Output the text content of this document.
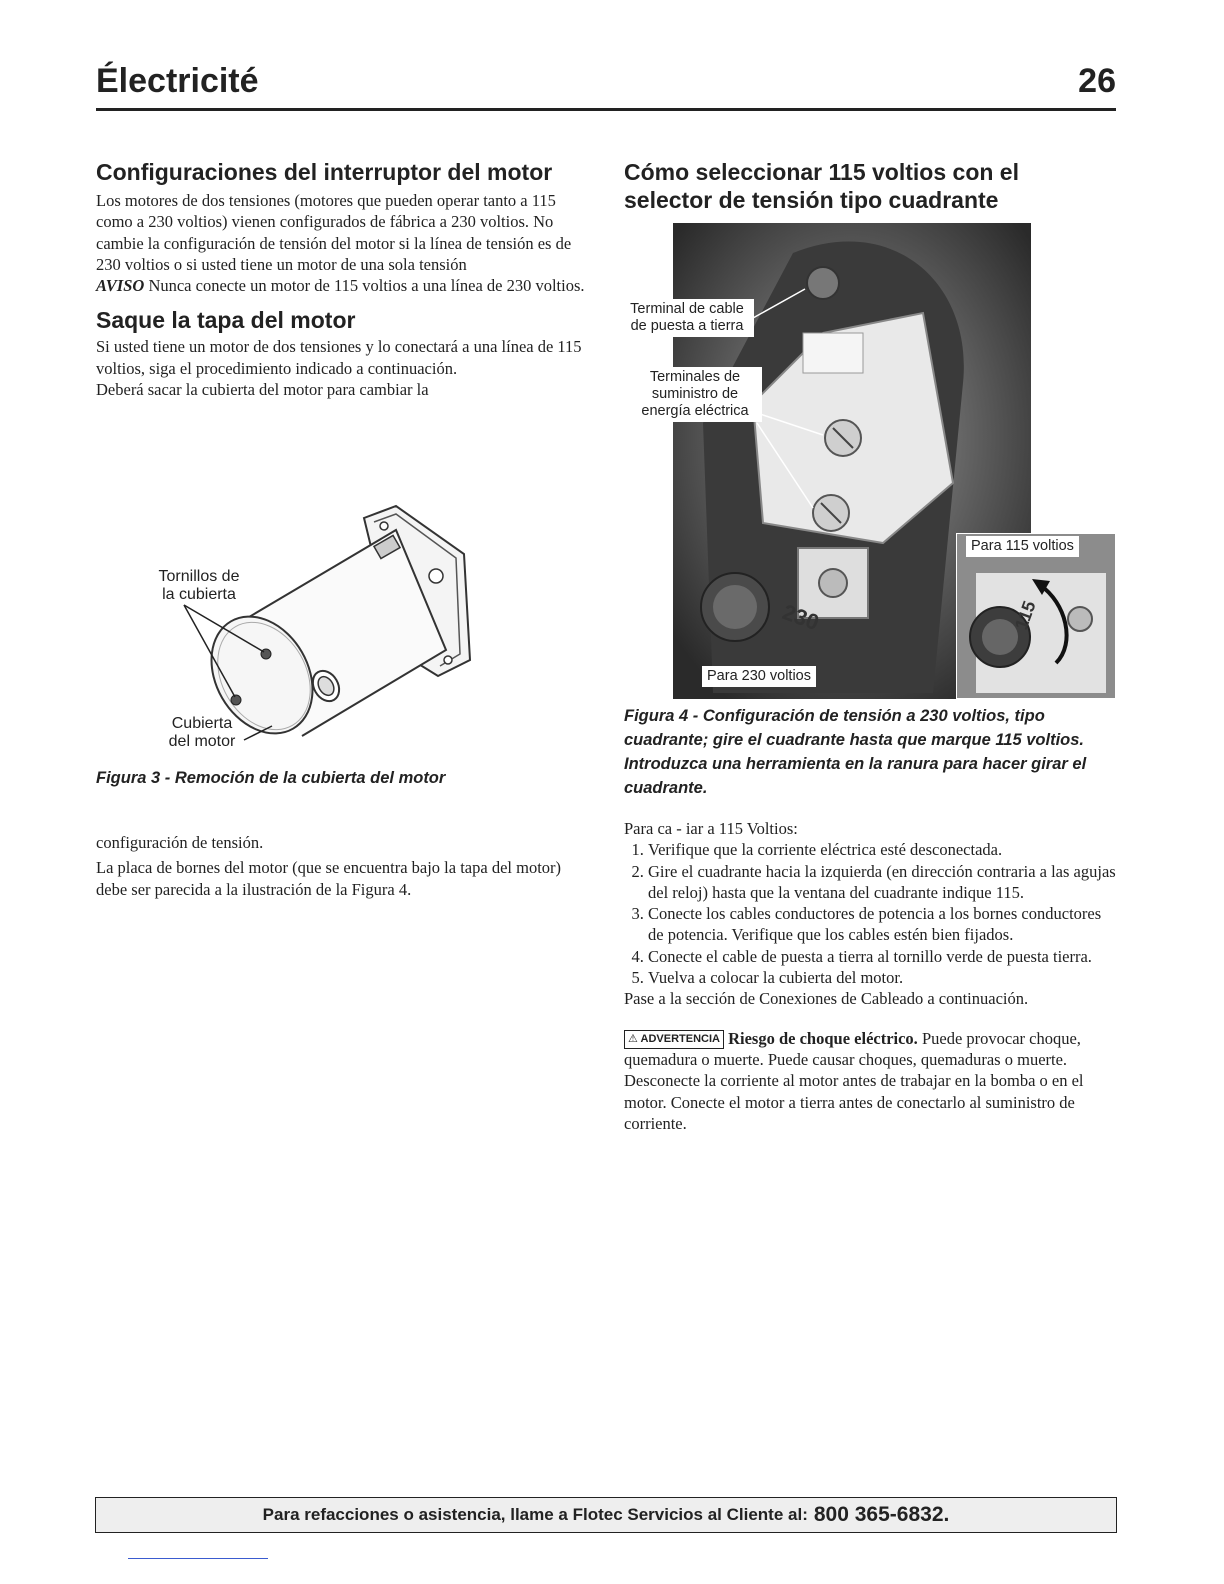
Électricité	26
Configuraciones del interruptor del motor

Los motores de dos tensiones (motores que pueden operar tanto a 115 como a 230 voltios) vienen configurados de fábrica a 230 voltios. No cambie la configuración de tensión del motor si la línea de tensión es de 230 voltios o si usted tiene un motor de una sola tensión

AVISO Nunca conecte un motor de 115 voltios a una línea de 230 voltios.

Saque la tapa del motor

Si usted tiene un motor de dos tensiones y lo conectará a una línea de 115 voltios, siga el procedimiento indicado a continuación.

Deberá sacar la cubierta del motor para cambiar la

Tornillos de
la cubierta
Cubierta
del motor
Figura 3 - Remoción de la cubierta del motor

configuración de tensión.

La placa de bornes del motor (que se encuentra bajo la tapa del motor) debe ser parecida a la ilustración de la Figura 4.

Cómo seleccionar 115 voltios con el selector de tensión tipo cuadrante
230	115
Terminal de cable
de puesta a tierra
Terminales de
suministro de
energía eléctrica
Para 115 voltios
Para 230 voltios
Figura 4 - Configuración de tensión a 230 voltios, tipo cuadrante; gire el cuadrante hasta que marque 115 voltios. Introduzca una herramienta en la ranura para hacer girar el cuadrante.

Para ca - iar a 115 Voltios:

1. Verifique que la corriente eléctrica esté desconectada.
2. Gire el cuadrante hacia la izquierda (en dirección contraria a las agujas del reloj) hasta que la ventana del cuadrante indique 115.
3. Conecte los cables conductores de potencia a los bornes conductores de potencia. Verifique que los cables estén bien fijados.
4. Conecte el cable de puesta a tierra al tornillo verde de puesta tierra.
5. Vuelva a colocar la cubierta del motor.

Pase a la sección de Conexiones de Cableado a continuación.

⚠ ADVERTENCIA Riesgo de choque eléctrico. Puede provocar choque, quemadura o muerte. Puede causar choques, quemaduras o muerte. Desconecte la corriente al motor antes de trabajar en la bomba o en el motor. Conecte el motor a tierra antes de conectarlo al suministro de corriente.

Para refacciones o asistencia, llame a Flotec Servicios al Cliente al: 800 365-6832.
